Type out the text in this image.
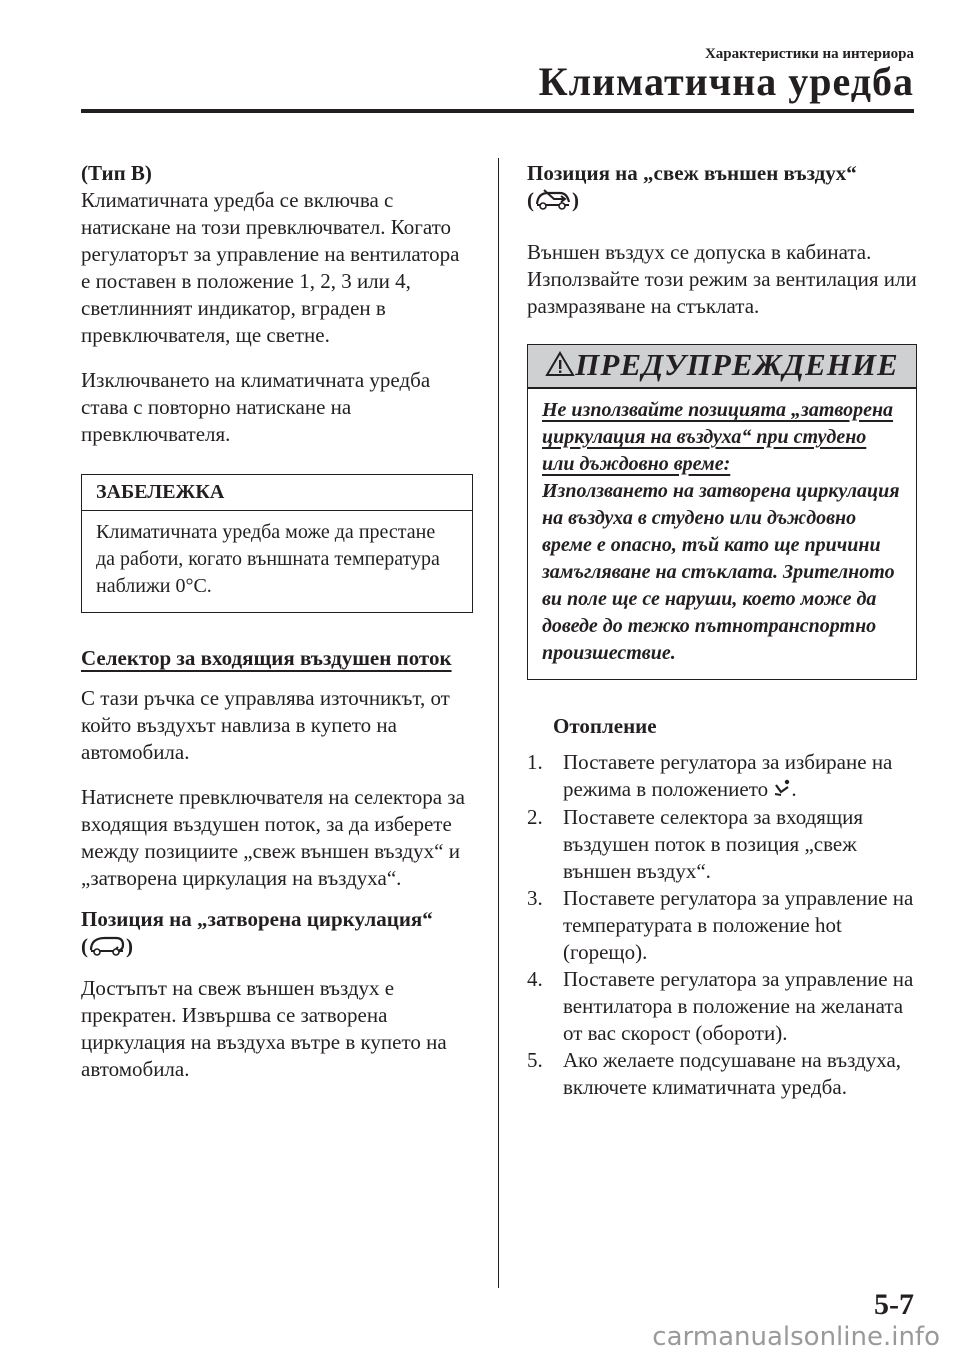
Характеристики на интериора
Климатична уредба

(Тип B)

Климатичната уредба се включва с натискане на този превключвател. Когато регулаторът за управление на вентилатора е поставен в положение 1, 2, 3 или 4, светлинният индикатор, вграден в превключвателя, ще светне.

Изключването на климатичната уредба става с повторно натискане на превключвателя.

ЗАБЕЛЕЖКА
Климатичната уредба може да престане да работи, когато външната температура наближи 0°C.
Селектор за входящия въздушен поток

С тази ръчка се управлява източникът, от който въздухът навлиза в купето на автомобила.

Натиснете превключвателя на селектора за входящия въздушен поток, за да изберете между позициите „свеж външен въздух“ и „затворена циркулация на въздуха“.

Позиция на „затворена циркулация“
( )

Достъпът на свеж външен въздух е прекратен. Извършва се затворена циркулация на въздуха вътре в купето на автомобила.

Позиция на „свеж външен въздух“
( )

Външен въздух се допуска в кабината. Използвайте този режим за вентилация или размразяване на стъклата.

ПРЕДУПРЕЖДЕНИЕ
Не използвайте позицията „затворена циркулация на въздуха“ при студено или дъждовно време:
Използването на затворена циркулация на въздуха в студено или дъждовно време е опасно, тъй като ще причини замъгляване на стъклата. Зрителното ви поле ще се наруши, което може да доведе до тежко пътнотранспортно произшествие.
Отопление
1. Поставете регулатора за избиране на режима в положението .
2. Поставете селектора за входящия въздушен поток в позиция „свеж външен въздух“.
3. Поставете регулатора за управление на температурата в положение hot (горещо).
4. Поставете регулатора за управление на вентилатора в положение на желаната от вас скорост (обороти).
5. Ако желаете подсушаване на въздуха, включете климатичната уредба.
5-7
carmanualsonline.info
